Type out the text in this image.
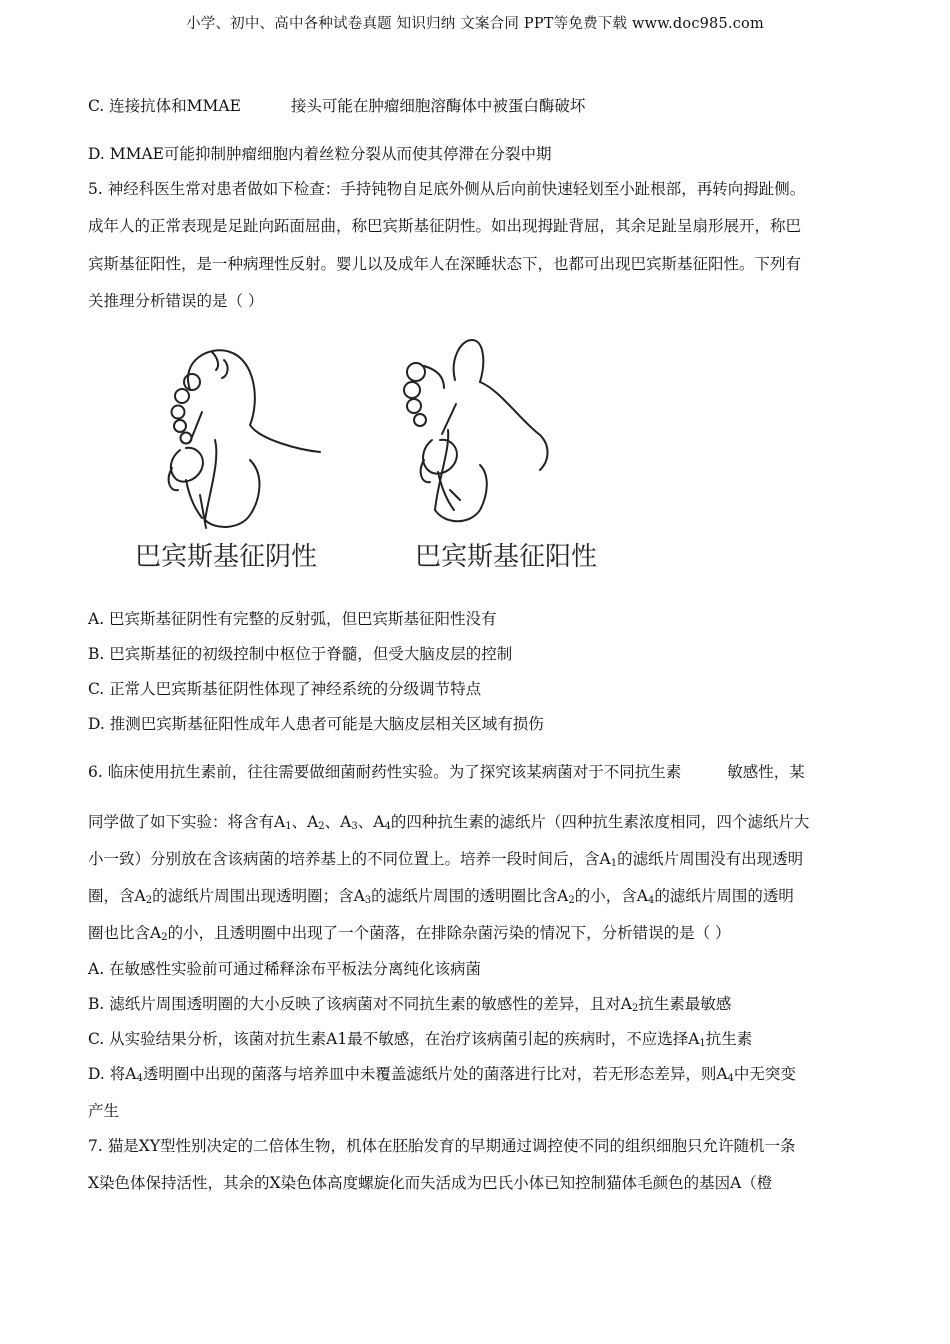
小学、初中、高中各种试卷真题 知识归纳 文案合同 PPT等免费下载 www.doc985.com
C. 连接抗体和MMAE	接头可能在肿瘤细胞溶酶体中被蛋白酶破坏
D. MMAE可能抑制肿瘤细胞内着丝粒分裂从而使其停滞在分裂中期
5. 神经科医生常对患者做如下检查：手持钝物自足底外侧从后向前快速轻划至小趾根部，再转向拇趾侧。
成年人的正常表现是足趾向跖面屈曲，称巴宾斯基征阴性。如出现拇趾背屈，其余足趾呈扇形展开，称巴
宾斯基征阳性，是一种病理性反射。婴儿以及成年人在深睡状态下，也都可出现巴宾斯基征阳性。下列有
关推理分析错误的是（ ）
巴宾斯基征阴性	巴宾斯基征阳性
A. 巴宾斯基征阴性有完整的反射弧，但巴宾斯基征阳性没有
B. 巴宾斯基征的初级控制中枢位于脊髓，但受大脑皮层的控制
C. 正常人巴宾斯基征阴性体现了神经系统的分级调节特点
D. 推测巴宾斯基征阳性成年人患者可能是大脑皮层相关区域有损伤
6. 临床使用抗生素前，往往需要做细菌耐药性实验。为了探究该某病菌对于不同抗生素	敏感性，某
同学做了如下实验：将含有$A_1$、$A_2$、$A_3$、$A_4$的四种抗生素的滤纸片（四种抗生素浓度相同，四个滤纸片大
小一致）分别放在含该病菌的培养基上的不同位置上。培养一段时间后，含$A_1$的滤纸片周围没有出现透明
圈，含$A_2$的滤纸片周围出现透明圈；含$A_3$的滤纸片周围的透明圈比含$A_2$的小，含$A_4$的滤纸片周围的透明
圈也比含$A_2$的小，且透明圈中出现了一个菌落，在排除杂菌污染的情况下，分析错误的是（ ）
A. 在敏感性实验前可通过稀释涂布平板法分离纯化该病菌
B. 滤纸片周围透明圈的大小反映了该病菌对不同抗生素的敏感性的差异，且对$A_2$抗生素最敏感
C. 从实验结果分析，该菌对抗生素A1最不敏感，在治疗该病菌引起的疾病时，不应选择$A_1$抗生素
D. 将$A_4$透明圈中出现的菌落与培养皿中未覆盖滤纸片处的菌落进行比对，若无形态差异，则$A_4$中无突变
产生
7. 猫是XY型性别决定的二倍体生物，机体在胚胎发育的早期通过调控使不同的组织细胞只允许随机一条
X染色体保持活性，其余的X染色体高度螺旋化而失活成为巴氏小体已知控制猫体毛颜色的基因A（橙
